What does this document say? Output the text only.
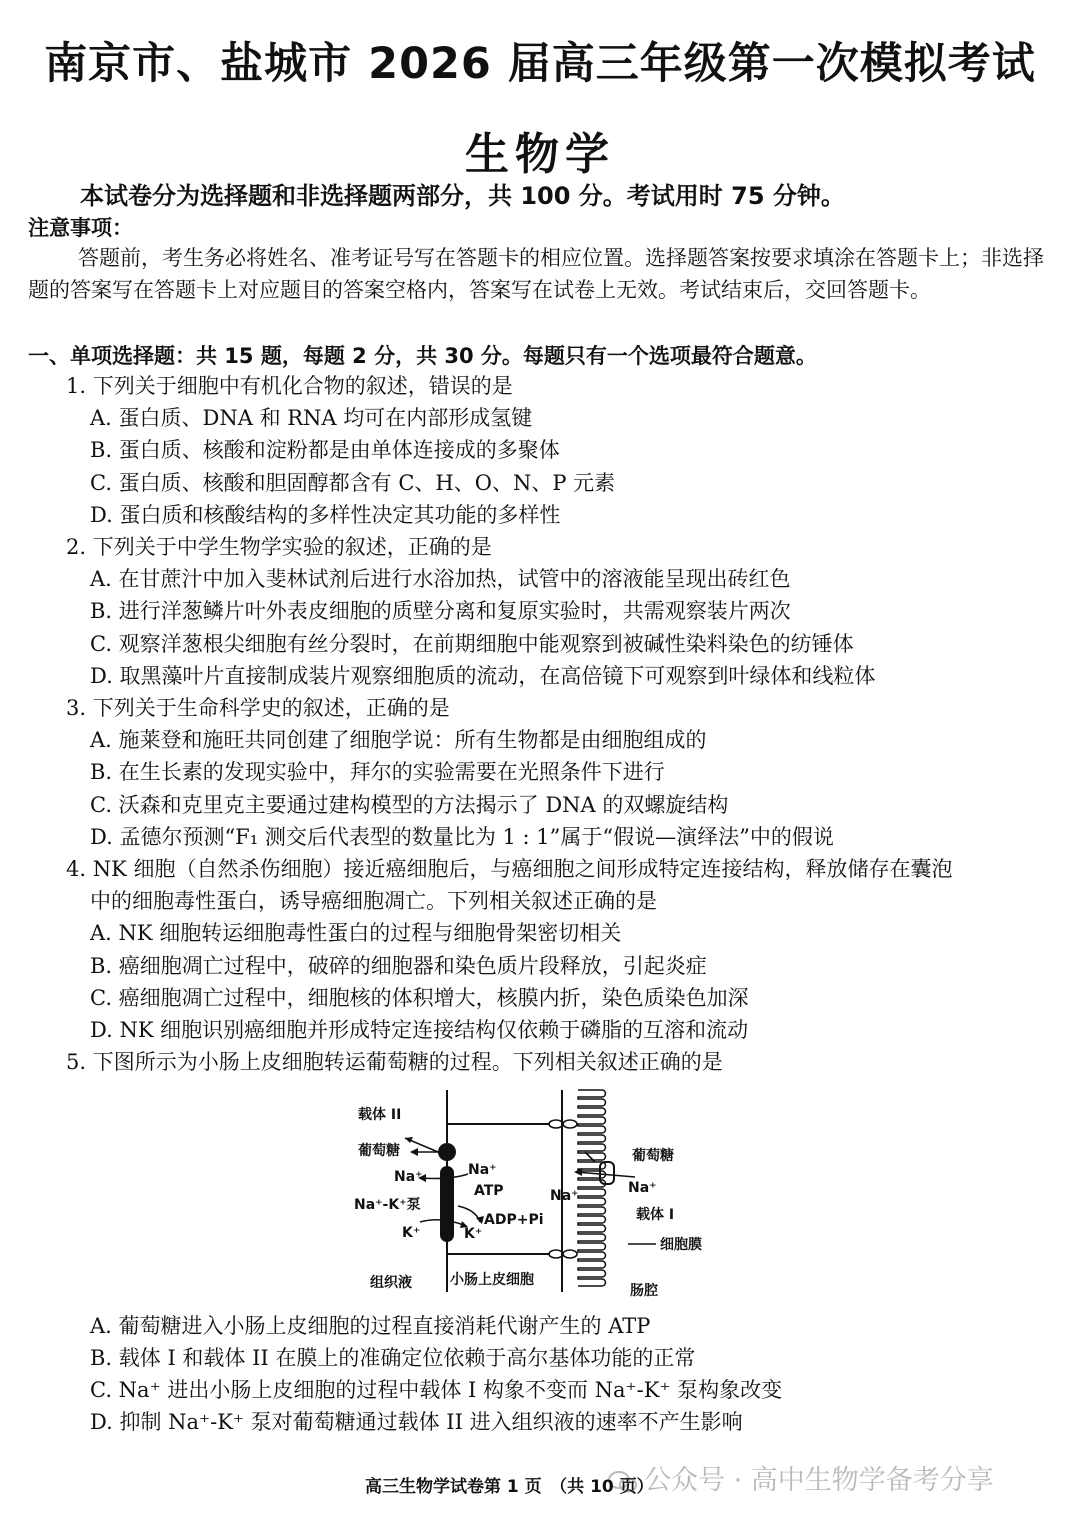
南京市、盐城市 2026 届高三年级第一次模拟考试
生物学
本试卷分为选择题和非选择题两部分，共 100 分。考试用时 75 分钟。
注意事项：

答题前，考生务必将姓名、准考证号写在答题卡的相应位置。选择题答案按要求填涂在答题卡上；非选择题的答案写在答题卡上对应题目的答案空格内，答案写在试卷上无效。考试结束后，交回答题卡。

一、单项选择题：共 15 题，每题 2 分，共 30 分。每题只有一个选项最符合题意。

1. 下列关于细胞中有机化合物的叙述，错误的是

A. 蛋白质、DNA 和 RNA 均可在内部形成氢键

B. 蛋白质、核酸和淀粉都是由单体连接成的多聚体

C. 蛋白质、核酸和胆固醇都含有 C、H、O、N、P 元素

D. 蛋白质和核酸结构的多样性决定其功能的多样性

2. 下列关于中学生物学实验的叙述，正确的是

A. 在甘蔗汁中加入斐林试剂后进行水浴加热，试管中的溶液能呈现出砖红色

B. 进行洋葱鳞片叶外表皮细胞的质壁分离和复原实验时，共需观察装片两次

C. 观察洋葱根尖细胞有丝分裂时，在前期细胞中能观察到被碱性染料染色的纺锤体

D. 取黑藻叶片直接制成装片观察细胞质的流动，在高倍镜下可观察到叶绿体和线粒体

3. 下列关于生命科学史的叙述，正确的是

A. 施莱登和施旺共同创建了细胞学说：所有生物都是由细胞组成的

B. 在生长素的发现实验中，拜尔的实验需要在光照条件下进行

C. 沃森和克里克主要通过建构模型的方法揭示了 DNA 的双螺旋结构

D. 孟德尔预测“F₁ 测交后代表型的数量比为 1 : 1”属于“假说—演绎法”中的假说

4. NK 细胞（自然杀伤细胞）接近癌细胞后，与癌细胞之间形成特定连接结构，释放储存在囊泡

中的细胞毒性蛋白，诱导癌细胞凋亡。下列相关叙述正确的是

A. NK 细胞转运细胞毒性蛋白的过程与细胞骨架密切相关

B. 癌细胞凋亡过程中，破碎的细胞器和染色质片段释放，引起炎症

C. 癌细胞凋亡过程中，细胞核的体积增大，核膜内折，染色质染色加深

D. NK 细胞识别癌细胞并形成特定连接结构仅依赖于磷脂的互溶和流动

5. 下图所示为小肠上皮细胞转运葡萄糖的过程。下列相关叙述正确的是

载体 II
葡萄糖
Na⁺	Na⁺
ATP
Na⁺-K⁺泵
ADP+Pi
K⁺	K⁺
葡萄糖
Na⁺	Na⁺
载体 I
细胞膜
组织液	小肠上皮细胞
肠腔

A. 葡萄糖进入小肠上皮细胞的过程直接消耗代谢产生的 ATP

B. 载体 I 和载体 II 在膜上的准确定位依赖于高尔基体功能的正常

C. Na⁺ 进出小肠上皮细胞的过程中载体 I 构象不变而 Na⁺-K⁺ 泵构象改变

D. 抑制 Na⁺-K⁺ 泵对葡萄糖通过载体 II 进入组织液的速率不产生影响

公众号 · 高中生物学备考分享
高三生物学试卷第 1 页　（共 10 页）
